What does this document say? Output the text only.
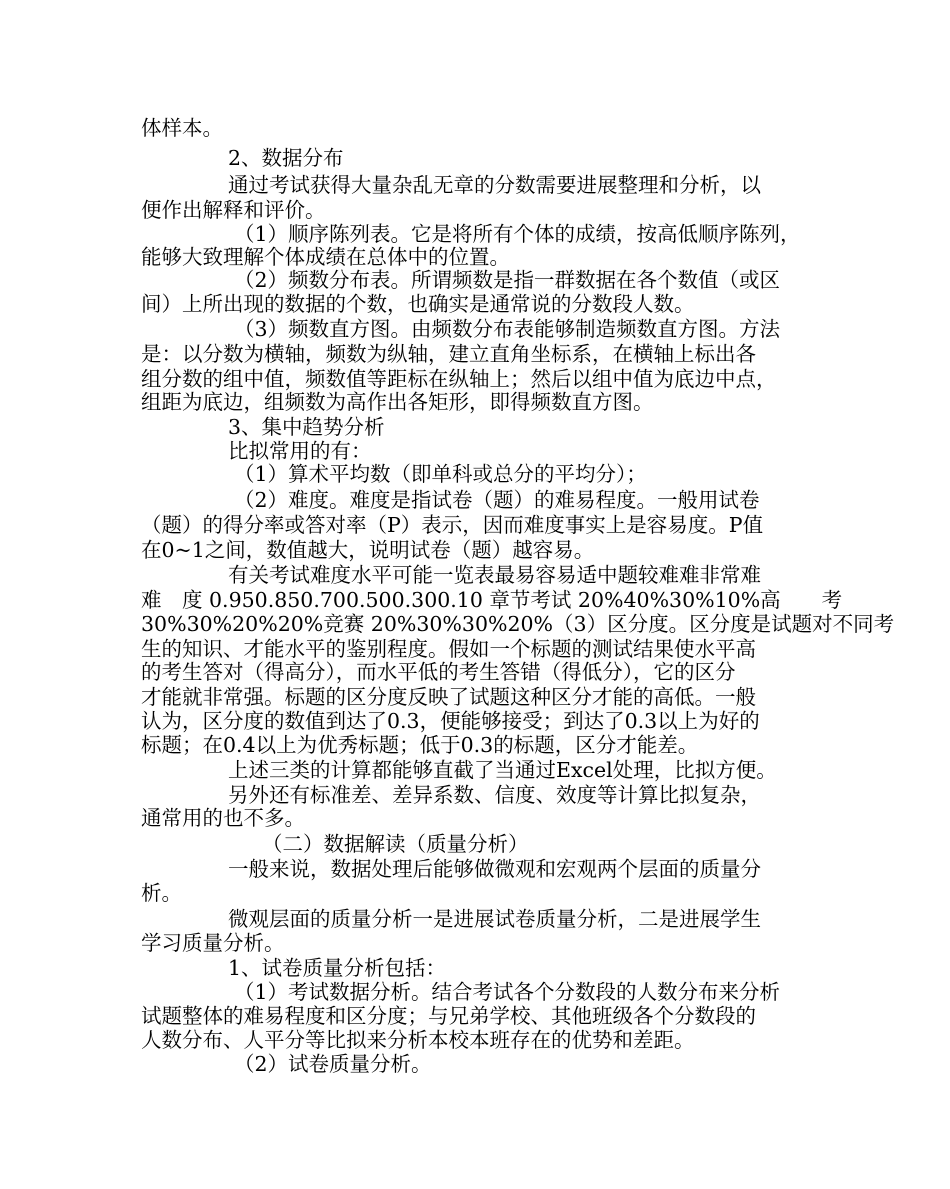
体样本。

2、数据分布

通过考试获得大量杂乱无章的分数需要进展整理和分析，以

便作出解释和评价。

（1）顺序陈列表。它是将所有个体的成绩，按高低顺序陈列，

能够大致理解个体成绩在总体中的位置。

（2）频数分布表。所谓频数是指一群数据在各个数值（或区

间）上所出现的数据的个数，也确实是通常说的分数段人数。

（3）频数直方图。由频数分布表能够制造频数直方图。方法

是：以分数为横轴，频数为纵轴，建立直角坐标系，在横轴上标出各

组分数的组中值，频数值等距标在纵轴上；然后以组中值为底边中点，

组距为底边，组频数为高作出各矩形，即得频数直方图。

3、集中趋势分析

比拟常用的有：

（1）算术平均数（即单科或总分的平均分）；

（2）难度。难度是指试卷（题）的难易程度。一般用试卷

（题）的得分率或答对率（P）表示，因而难度事实上是容易度。P值

在0~1之间，数值越大，说明试卷（题）越容易。

有关考试难度水平可能一览表最易容易适中题较难难非常难

难　度 0.950.850.700.500.300.10 章节考试 20%40%30%10%高　　考

30%30%20%20%竞赛 20%30%30%20%（3）区分度。区分度是试题对不同考

生的知识、才能水平的鉴别程度。假如一个标题的测试结果使水平高

的考生答对（得高分），而水平低的考生答错（得低分），它的区分

才能就非常强。标题的区分度反映了试题这种区分才能的高低。一般

认为，区分度的数值到达了0.3，便能够接受；到达了0.3以上为好的

标题；在0.4以上为优秀标题；低于0.3的标题，区分才能差。

上述三类的计算都能够直截了当通过Excel处理，比拟方便。

另外还有标准差、差异系数、信度、效度等计算比拟复杂，

通常用的也不多。

（二）数据解读（质量分析）

一般来说，数据处理后能够做微观和宏观两个层面的质量分

析。

微观层面的质量分析一是进展试卷质量分析，二是进展学生

学习质量分析。

1、试卷质量分析包括：

（1）考试数据分析。结合考试各个分数段的人数分布来分析

试题整体的难易程度和区分度；与兄弟学校、其他班级各个分数段的

人数分布、人平分等比拟来分析本校本班存在的优势和差距。

（2）试卷质量分析。
